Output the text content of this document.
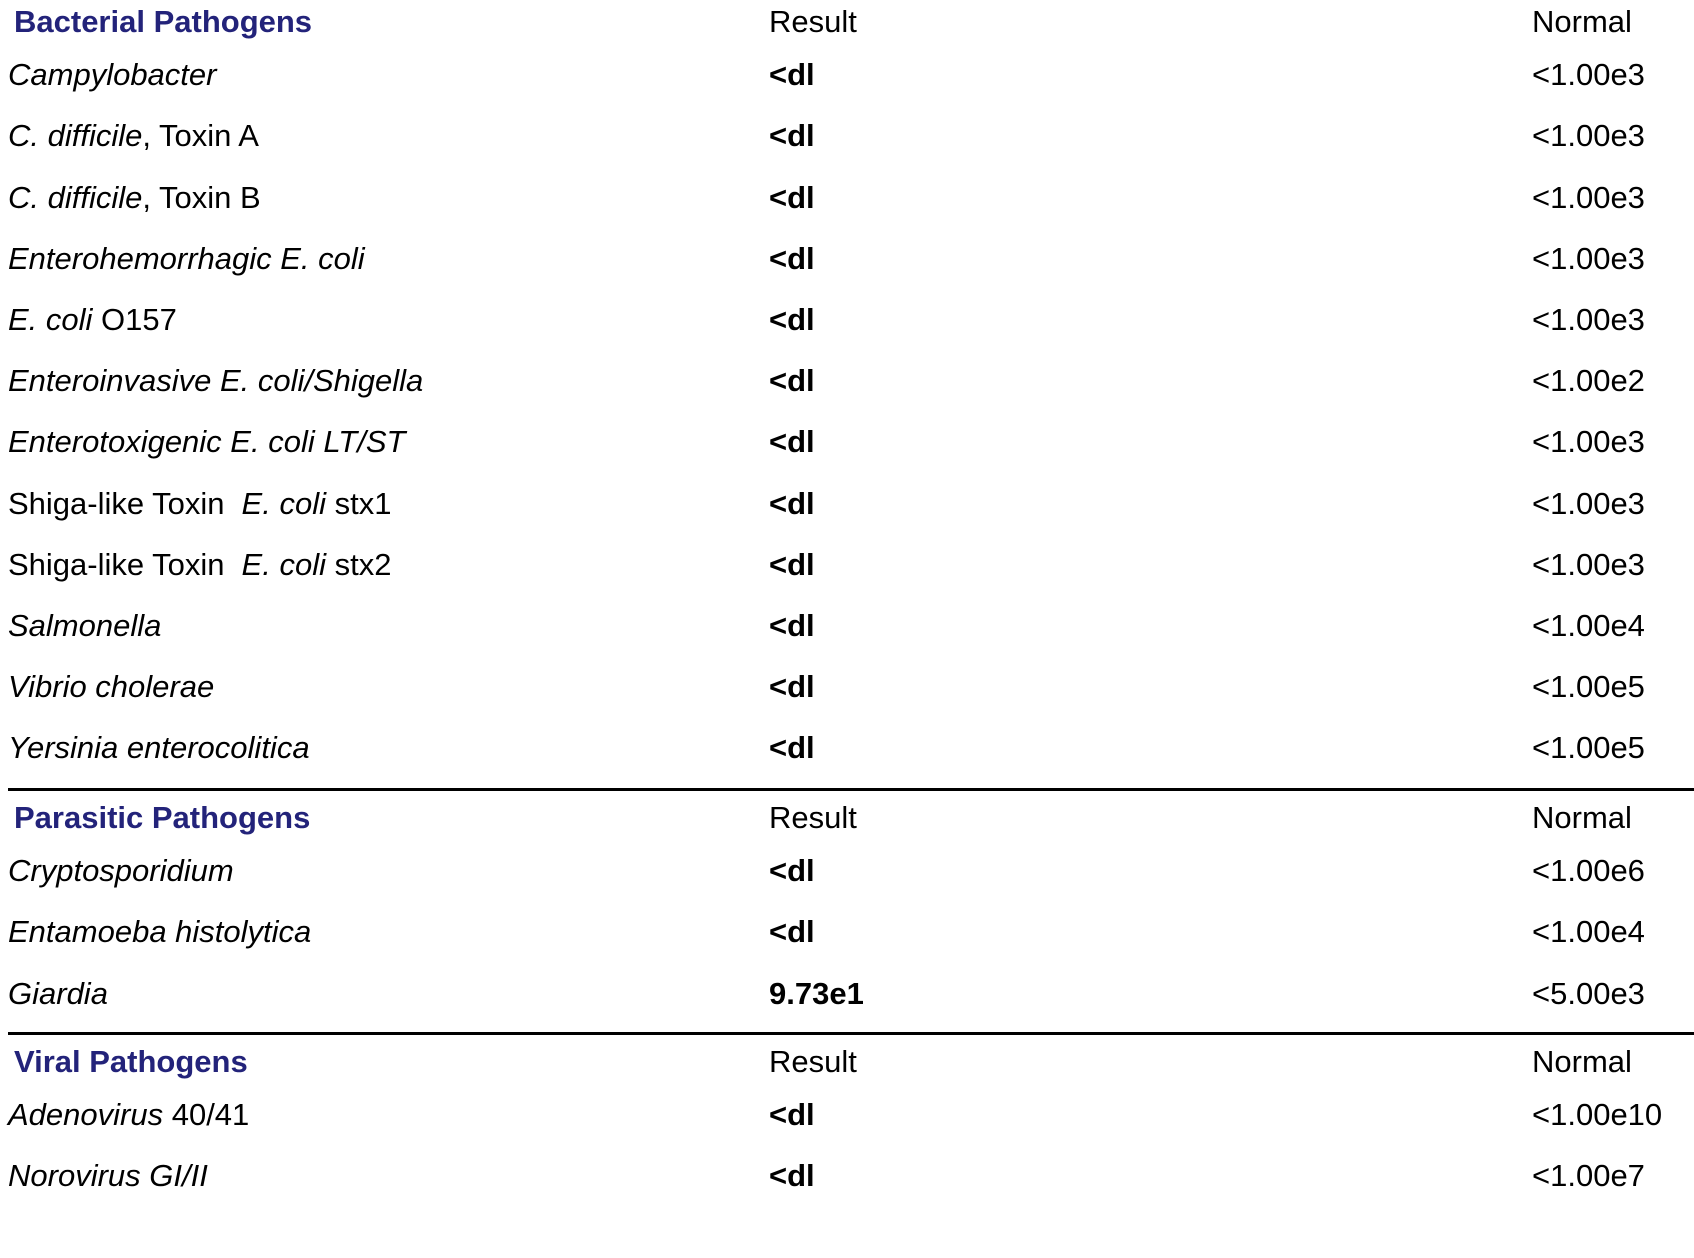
Bacterial Pathogens	Result	Normal
Campylobacter	<dl	<1.00e3
C. difficile, Toxin A	<dl	<1.00e3
C. difficile, Toxin B	<dl	<1.00e3
Enterohemorrhagic E. coli	<dl	<1.00e3
E. coli O157	<dl	<1.00e3
Enteroinvasive E. coli/Shigella	<dl	<1.00e2
Enterotoxigenic E. coli LT/ST	<dl	<1.00e3
Shiga-like Toxin E. coli stx1	<dl	<1.00e3
Shiga-like Toxin E. coli stx2	<dl	<1.00e3
Salmonella	<dl	<1.00e4
Vibrio cholerae	<dl	<1.00e5
Yersinia enterocolitica	<dl	<1.00e5
Parasitic Pathogens	Result	Normal
Cryptosporidium	<dl	<1.00e6
Entamoeba histolytica	<dl	<1.00e4
Giardia	9.73e1	<5.00e3
Viral Pathogens	Result	Normal
Adenovirus 40/41	<dl	<1.00e10
Norovirus GI/II	<dl	<1.00e7
